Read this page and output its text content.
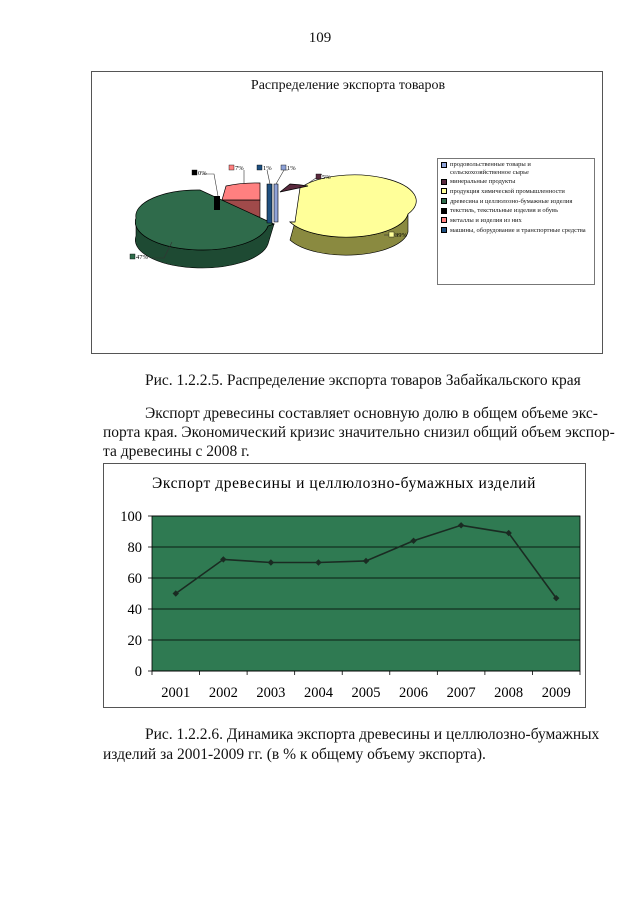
109
Распределение экспорта товаров
0%
7%	1% 1%
5%
39%
47%
продовольственные товары и сельскохозяйственное сырье
минеральные продукты
продукция химической промышленности
древесина и целлюлозно-бумажные изделия
текстиль, текстильные изделия и обувь
металлы и изделия из них
машины, оборудование и транспортные средства
Рис. 1.2.2.5. Распределение экспорта товаров Забайкальского края
Экспорт древесины составляет основную долю в общем объеме экс-
порта края. Экономический кризис значительно снизил общий объем экспор-
та древесины с 2008 г.
Экспорт древесины и целлюлозно-бумажных изделий
0
20
40
60
80
100
2001 2002 2003 2004 2005 2006 2007 2008 2009
Рис. 1.2.2.6. Динамика экспорта древесины и целлюлозно-бумажных
изделий за 2001-2009 гг. (в % к общему объему экспорта).
